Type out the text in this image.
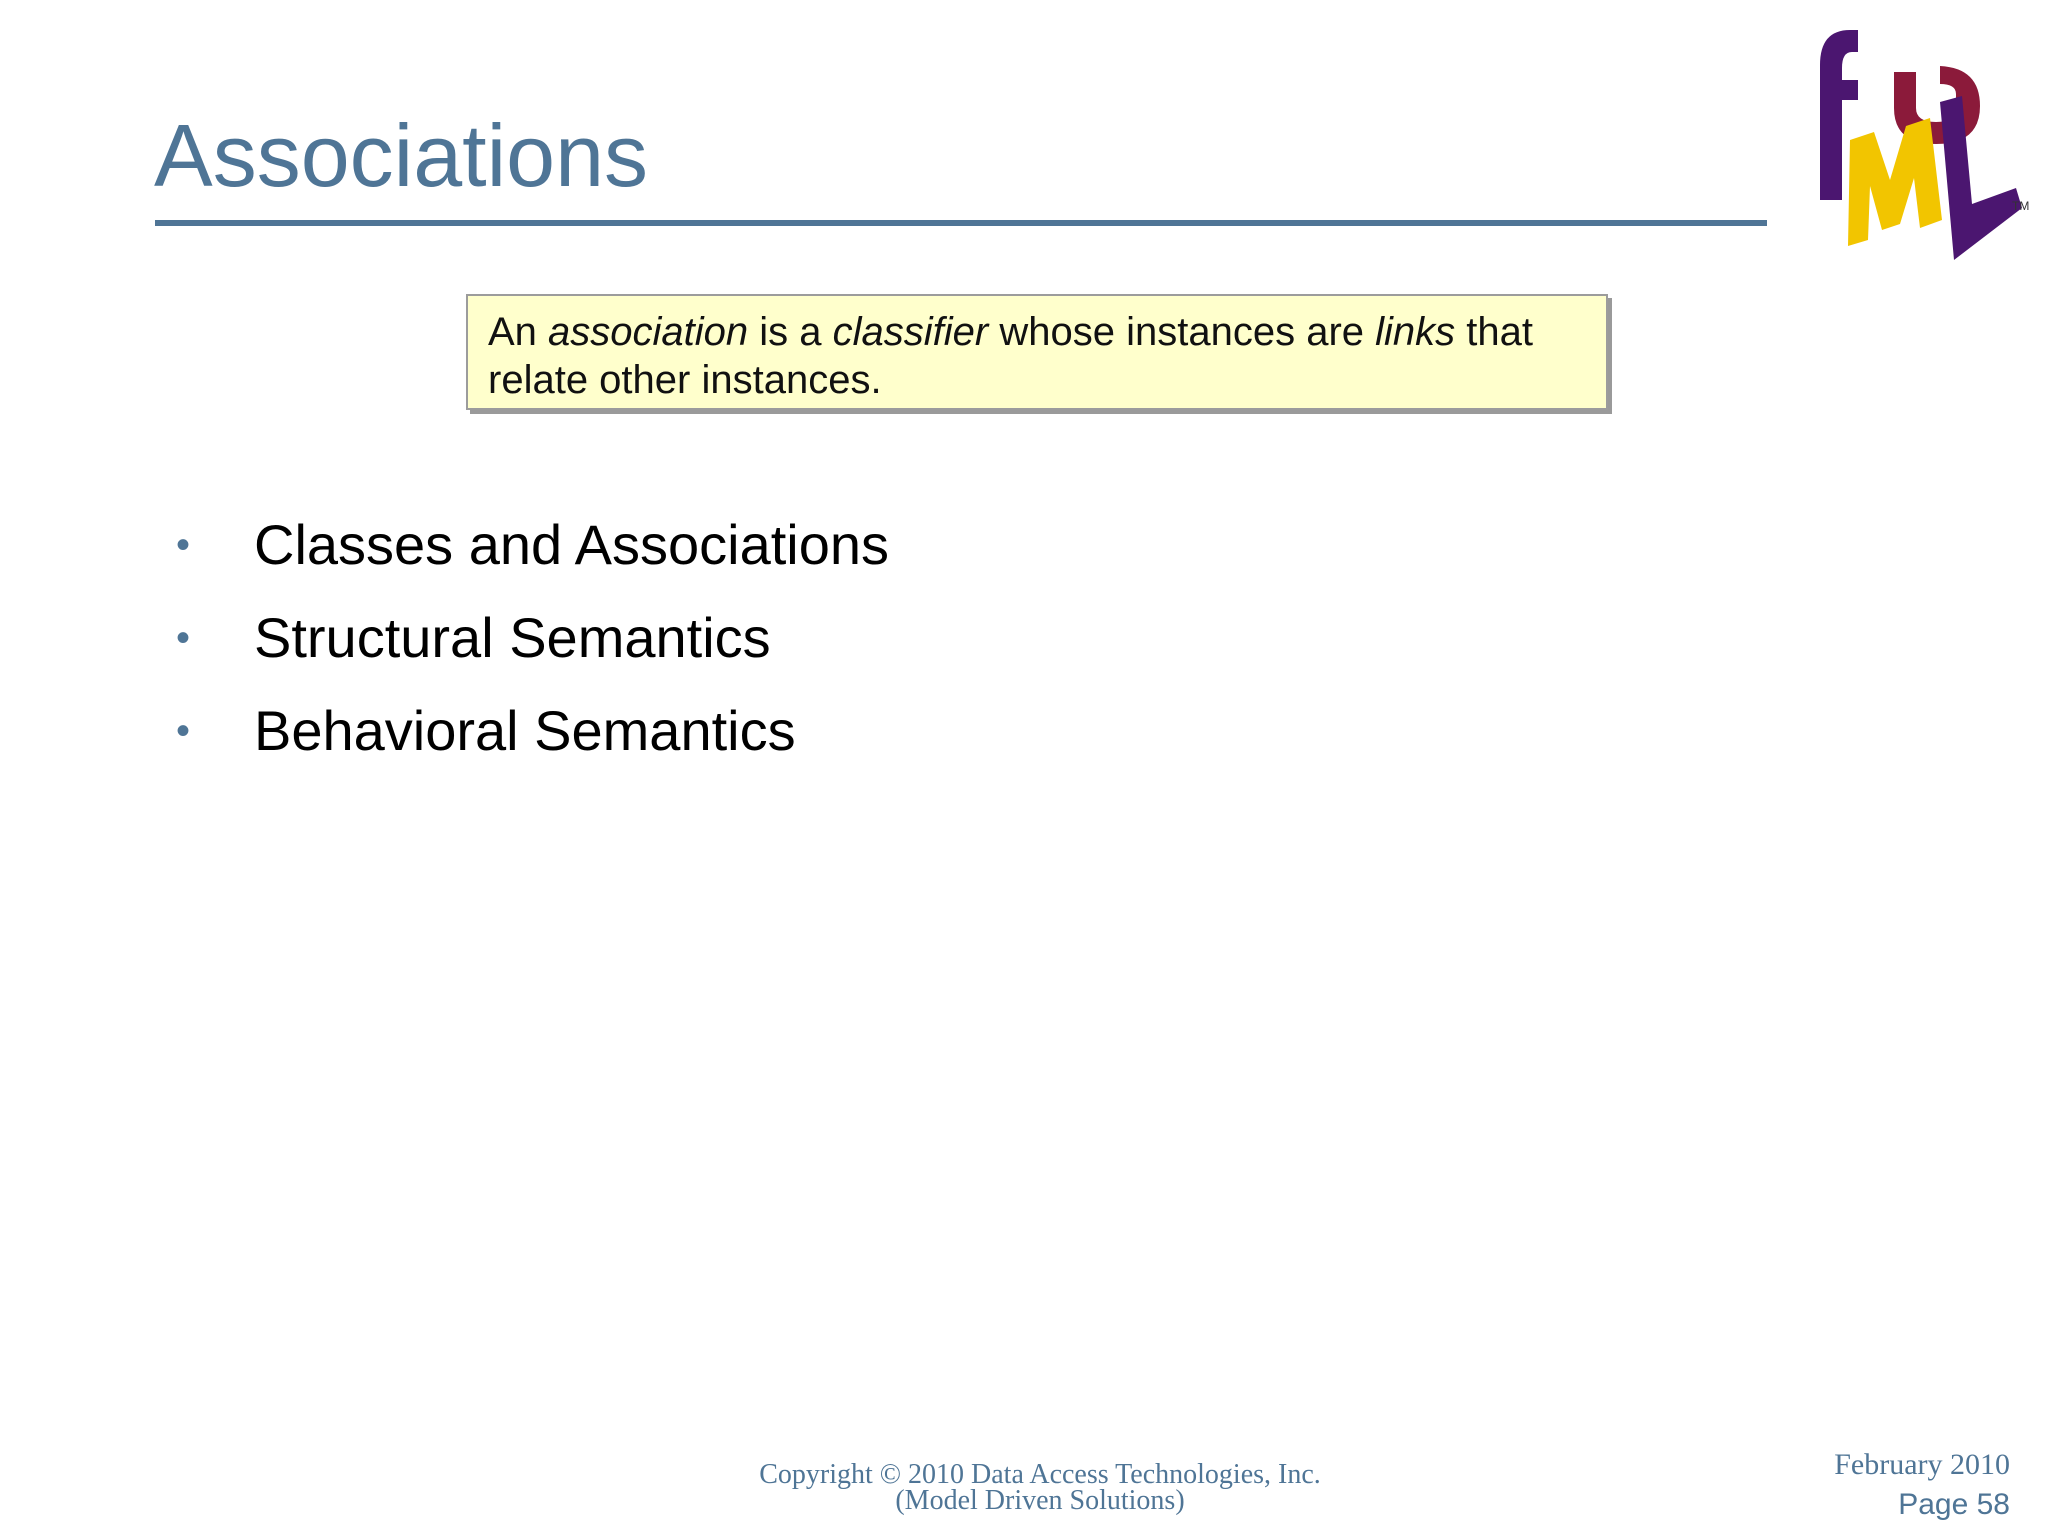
Associations
TM
An association is a classifier whose instances are links that relate other instances.
• Classes and Associations
• Structural Semantics
• Behavioral Semantics
Copyright © 2010 Data Access Technologies, Inc.
(Model Driven Solutions)
February 2010
Page 58
